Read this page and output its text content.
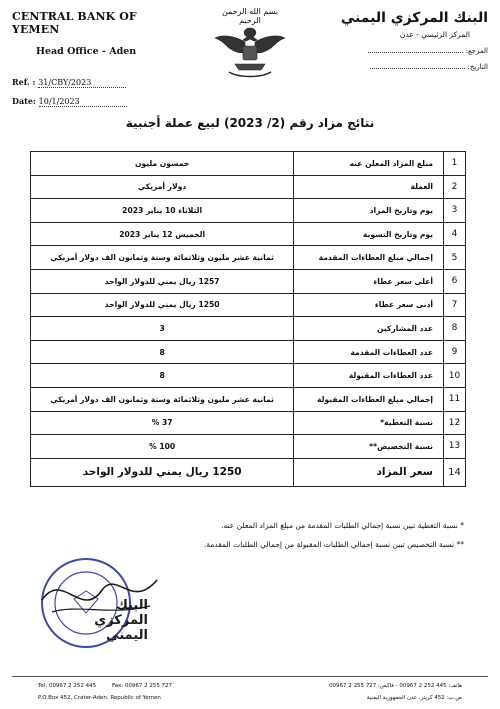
CENTRAL BANK OF YEMEN
Head Office - Aden
Ref. : 31/CBY/2023
Date: 10/1/2023
بسم الله الرحمن الرحيم	البنك المركزي اليمني
المركز الرئيسي - عدن
المرجع:
التاريخ:
نتائج مزاد رقم (2/ 2023) لبيع عملة أجنبية
1	مبلغ المزاد المعلن عنه	خمسون مليون
2	العملة	دولار أمريكي
3	يوم وتاريخ المزاد	الثلاثاء 10 يناير 2023
4	يوم وتاريخ التسوية	الخميس 12 يناير 2023
5	إجمالي مبلغ العطاءات المقدمة	ثمانية عشر مليون وثلاثمائة وستة وثمانون الف دولار أمريكي
6	أعلى سعر عطاء	1257 ريال يمني للدولار الواحد
7	أدنى سعر عطاء	1250 ريال يمني للدولار الواحد
8	عدد المشاركين	3
9	عدد العطاءات المقدمة	8
10	عدد العطاءات المقبولة	8
11	إجمالي مبلغ العطاءات المقبولة	ثمانية عشر مليون وثلاثمائة وستة وثمانون الف دولار أمريكي
12	نسبة التغطية*	37 %
13	نسبة التخصيص**	100 %
14	سعر المزاد	1250 ريال يمني للدولار الواحد
* نسبة التغطية تبين نسبة إجمالي الطلبات المقدمة من مبلغ المزاد المعلن عنه.
** نسبة التخصيص تبين نسبة إجمالي الطلبات المقبولة من إجمالي الطلبات المقدمة.
البنك المركزي اليمني
Tel: 00967 2 252 445	Fax: 00967 2 255 727
P.O.Box 452, Crater-Aden, Republic of Yemen
هاتف: 445 252 2 00967 - فاكس: 727 255 2 00967
ص.ب: 452 كريتر، عدن الجمهورية اليمنية
